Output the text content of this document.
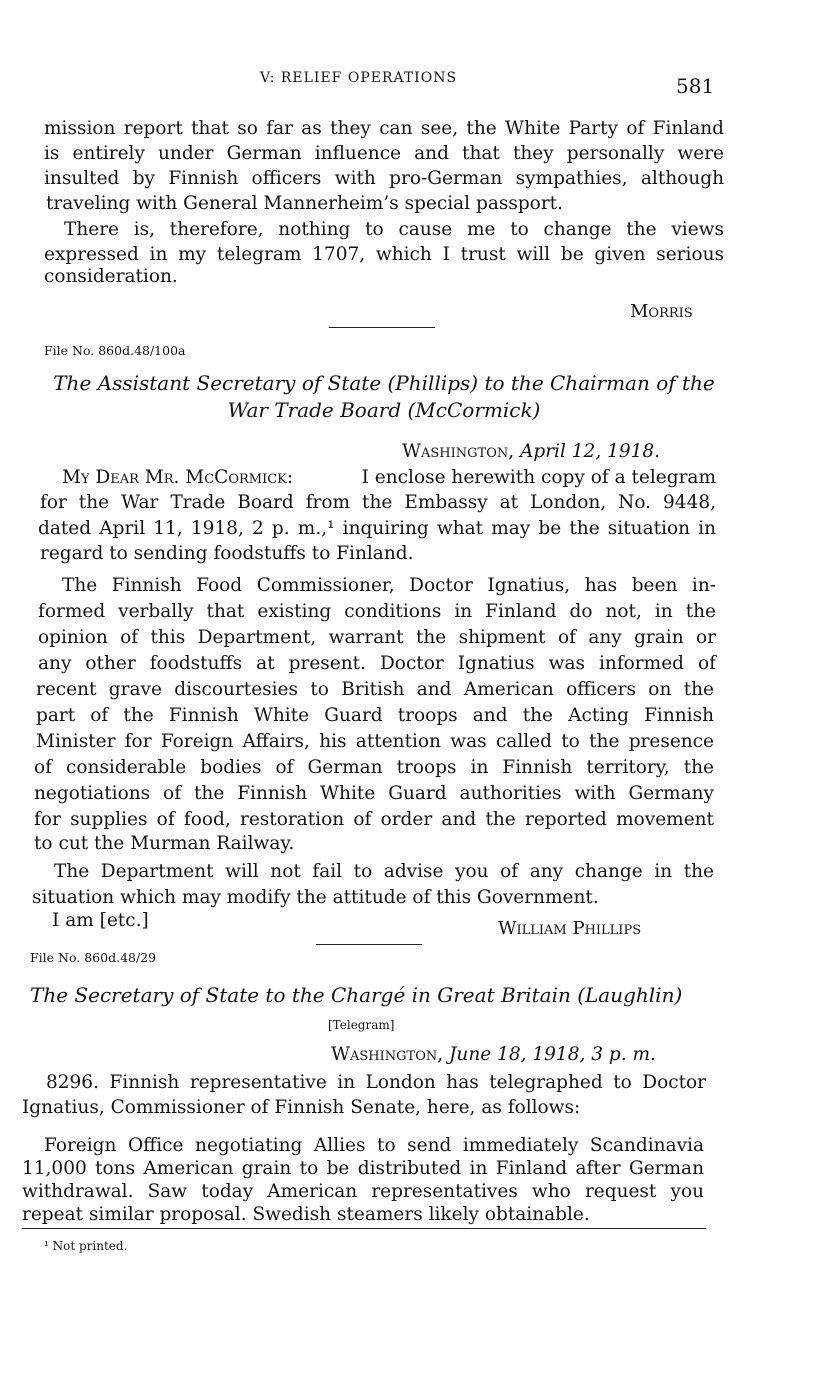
V: RELIEF OPERATIONS	581
mission report that so far as they can see, the White Party of Finland
is entirely under German influence and that they personally were
insulted by Finnish officers with pro-German sympathies, although
traveling with General Mannerheim’s special passport.
There is, therefore, nothing to cause me to change the views
expressed in my telegram 1707, which I trust will be given serious
consideration.
Morris
File No. 860d.48/100a
The Assistant Secretary of State (Phillips) to the Chairman of the
War Trade Board (McCormick)
Washington, April 12, 1918.
My Dear Mr. McCormick:	I enclose herewith copy of a telegram
for the War Trade Board from the Embassy at London, No. 9448,
dated April 11, 1918, 2 p. m.,¹ inquiring what may be the situation in
regard to sending foodstuffs to Finland.
The Finnish Food Commissioner, Doctor Ignatius, has been in-
formed verbally that existing conditions in Finland do not, in the
opinion of this Department, warrant the shipment of any grain or
any other foodstuffs at present. Doctor Ignatius was informed of
recent grave discourtesies to British and American officers on the
part of the Finnish White Guard troops and the Acting Finnish
Minister for Foreign Affairs, his attention was called to the presence
of considerable bodies of German troops in Finnish territory, the
negotiations of the Finnish White Guard authorities with Germany
for supplies of food, restoration of order and the reported movement
to cut the Murman Railway.
The Department will not fail to advise you of any change in the
situation which may modify the attitude of this Government.
I am [etc.]	William Phillips
File No. 860d.48/29
The Secretary of State to the Chargé in Great Britain (Laughlin)
[Telegram]
Washington, June 18, 1918, 3 p. m.
8296. Finnish representative in London has telegraphed to Doctor
Ignatius, Commissioner of Finnish Senate, here, as follows:
Foreign Office negotiating Allies to send immediately Scandinavia
11,000 tons American grain to be distributed in Finland after German
withdrawal. Saw today American representatives who request you
repeat similar proposal. Swedish steamers likely obtainable.
¹ Not printed.
